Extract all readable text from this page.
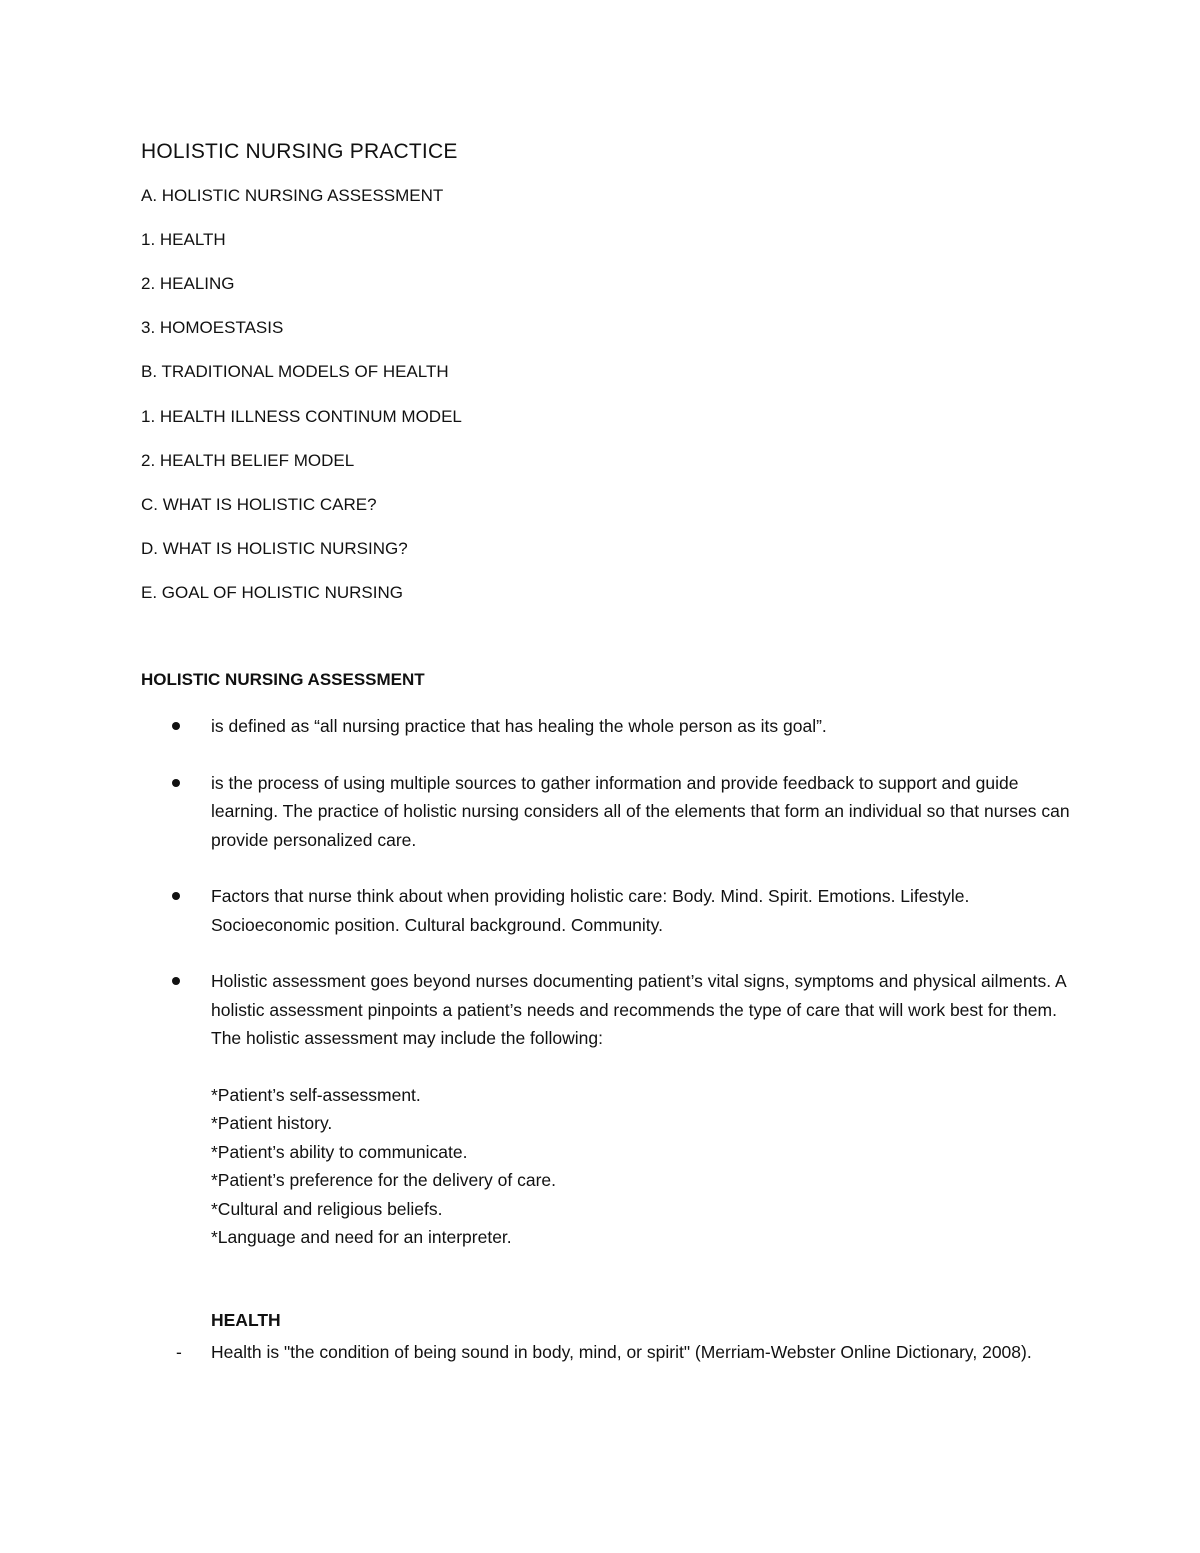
HOLISTIC NURSING PRACTICE
A. HOLISTIC NURSING ASSESSMENT
1. HEALTH
2. HEALING
3. HOMOESTASIS
B. TRADITIONAL MODELS OF HEALTH
1. HEALTH ILLNESS CONTINUM MODEL
2. HEALTH BELIEF MODEL
C. WHAT IS HOLISTIC CARE?
D. WHAT IS HOLISTIC NURSING?
E. GOAL OF HOLISTIC NURSING
HOLISTIC NURSING ASSESSMENT
is defined as “all nursing practice that has healing the whole person as its goal”.
is the process of using multiple sources to gather information and provide feedback to support and guide learning. The practice of holistic nursing considers all of the elements that form an individual so that nurses can provide personalized care.
Factors that nurse think about when providing holistic care: Body. Mind. Spirit. Emotions. Lifestyle. Socioeconomic position. Cultural background. Community.
Holistic assessment goes beyond nurses documenting patient’s vital signs, symptoms and physical ailments. A holistic assessment pinpoints a patient’s needs and recommends the type of care that will work best for them. The holistic assessment may include the following:
*Patient’s self-assessment.
*Patient history.
*Patient’s ability to communicate.
*Patient’s preference for the delivery of care.
*Cultural and religious beliefs.
*Language and need for an interpreter.
HEALTH
-	Health is "the condition of being sound in body, mind, or spirit" (Merriam-Webster Online Dictionary, 2008).
